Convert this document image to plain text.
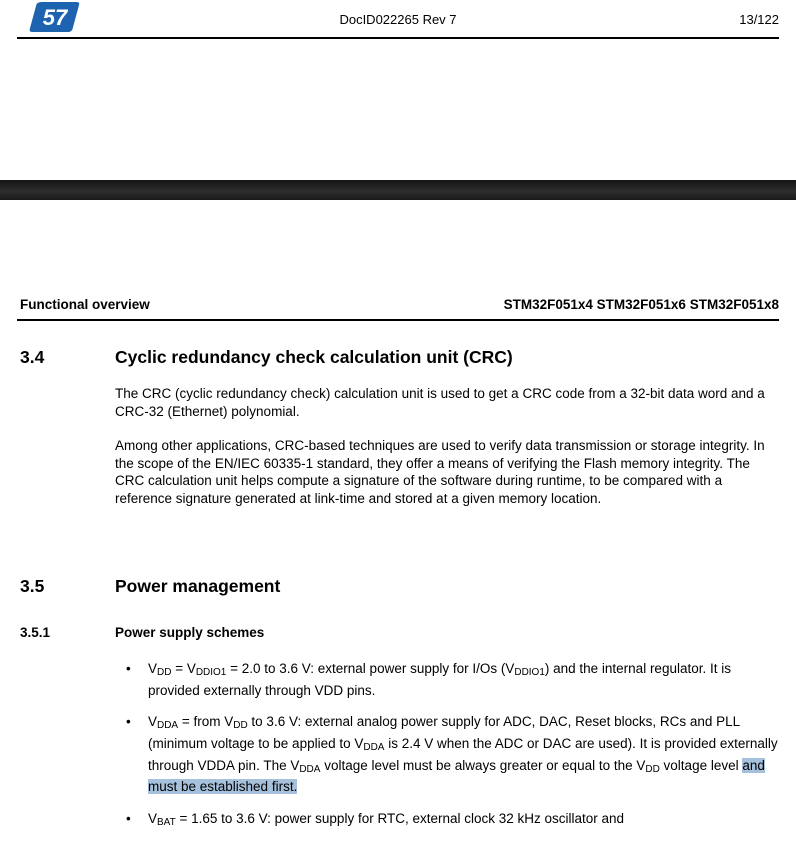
57	DocID022265 Rev 7	13/122
Functional overview	STM32F051x4 STM32F051x6 STM32F051x8
3.4	Cyclic redundancy check calculation unit (CRC)
The CRC (cyclic redundancy check) calculation unit is used to get a CRC code from a 32-bit data word and a CRC-32 (Ethernet) polynomial.
Among other applications, CRC-based techniques are used to verify data transmission or storage integrity. In the scope of the EN/IEC 60335-1 standard, they offer a means of verifying the Flash memory integrity. The CRC calculation unit helps compute a signature of the software during runtime, to be compared with a reference signature generated at link-time and stored at a given memory location.
3.5	Power management
3.5.1	Power supply schemes
•	$V_{DD} = V_{DDIO1} = 2.0$ to 3.6 V: external power supply for I/Os $(V_{DDIO1})$ and the internal regulator. It is provided externally through VDD pins.
•	$V_{DDA}$ = from $V_{DD}$ to 3.6 V: external analog power supply for ADC, DAC, Reset blocks, RCs and PLL (minimum voltage to be applied to $V_{DDA}$ is 2.4 V when the ADC or DAC are used). It is provided externally through VDDA pin. The $V_{DDA}$ voltage level must be always greater or equal to the $V_{DD}$ voltage level and must be established first.
•	$V_{BAT} = 1.65$ to 3.6 V: power supply for RTC, external clock 32 kHz oscillator and
